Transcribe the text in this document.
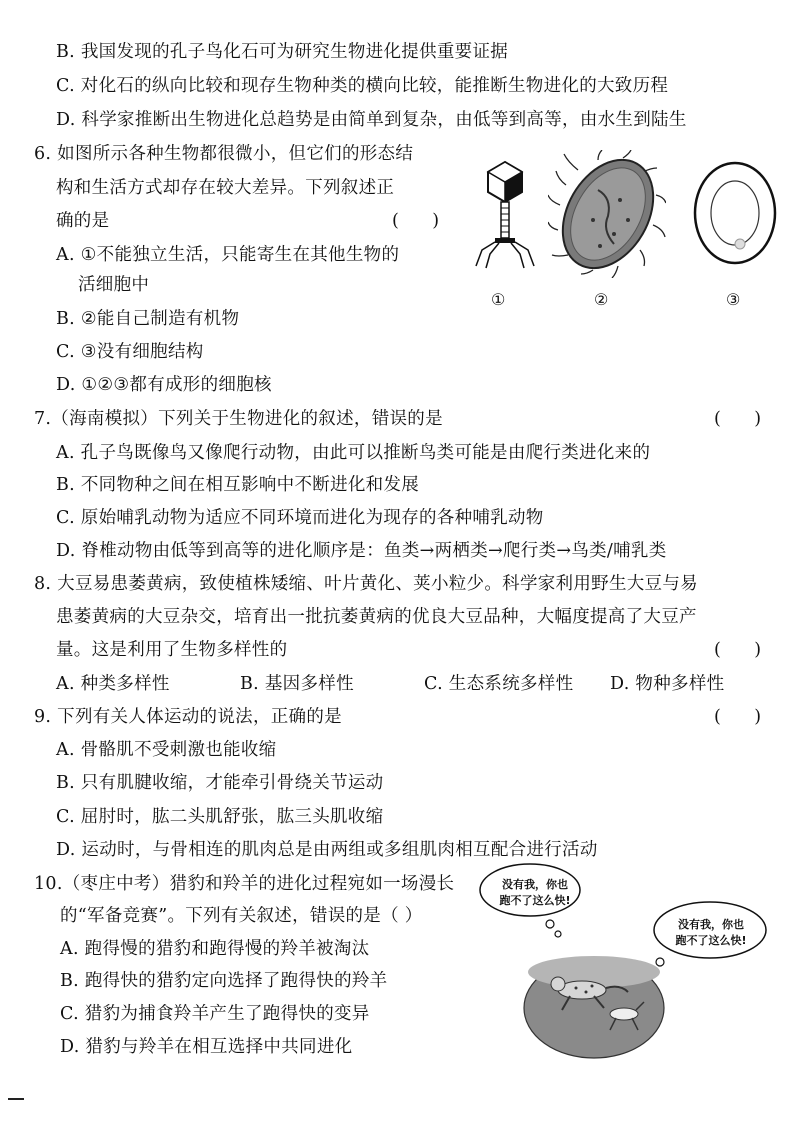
B. 我国发现的孔子鸟化石可为研究生物进化提供重要证据
C. 对化石的纵向比较和现存生物种类的横向比较，能推断生物进化的大致历程
D. 科学家推断出生物进化总趋势是由简单到复杂，由低等到高等，由水生到陆生
6. 如图所示各种生物都很微小，但它们的形态结
构和生活方式却存在较大差异。下列叙述正
确的是	(      )
A. ①不能独立生活，只能寄生在其他生物的
活细胞中
B. ②能自己制造有机物
C. ③没有细胞结构
D. ①②③都有成形的细胞核
①	②	③
7.（海南模拟）下列关于生物进化的叙述，错误的是	(      )
A. 孔子鸟既像鸟又像爬行动物，由此可以推断鸟类可能是由爬行类进化来的
B. 不同物种之间在相互影响中不断进化和发展
C. 原始哺乳动物为适应不同环境而进化为现存的各种哺乳动物
D. 脊椎动物由低等到高等的进化顺序是：鱼类→两栖类→爬行类→鸟类/哺乳类
8. 大豆易患萎黄病，致使植株矮缩、叶片黄化、荚小粒少。科学家利用野生大豆与易
患萎黄病的大豆杂交，培育出一批抗萎黄病的优良大豆品种，大幅度提高了大豆产
量。这是利用了生物多样性的	(      )
A. 种类多样性	B. 基因多样性	C. 生态系统多样性 D. 物种多样性
9. 下列有关人体运动的说法，正确的是	(      )
A. 骨骼肌不受刺激也能收缩
B. 只有肌腱收缩，才能牵引骨绕关节运动
C. 屈肘时，肱二头肌舒张，肱三头肌收缩
D. 运动时，与骨相连的肌肉总是由两组或多组肌肉相互配合进行活动
10.（枣庄中考）猎豹和羚羊的进化过程宛如一场漫长
的“军备竞赛”。下列有关叙述，错误的是（ ）
A. 跑得慢的猎豹和跑得慢的羚羊被淘汰
B. 跑得快的猎豹定向选择了跑得快的羚羊
C. 猎豹为捕食羚羊产生了跑得快的变异
D. 猎豹与羚羊在相互选择中共同进化
没有我，你也
跑不了这么快!
没有我，你也
跑不了这么快!
